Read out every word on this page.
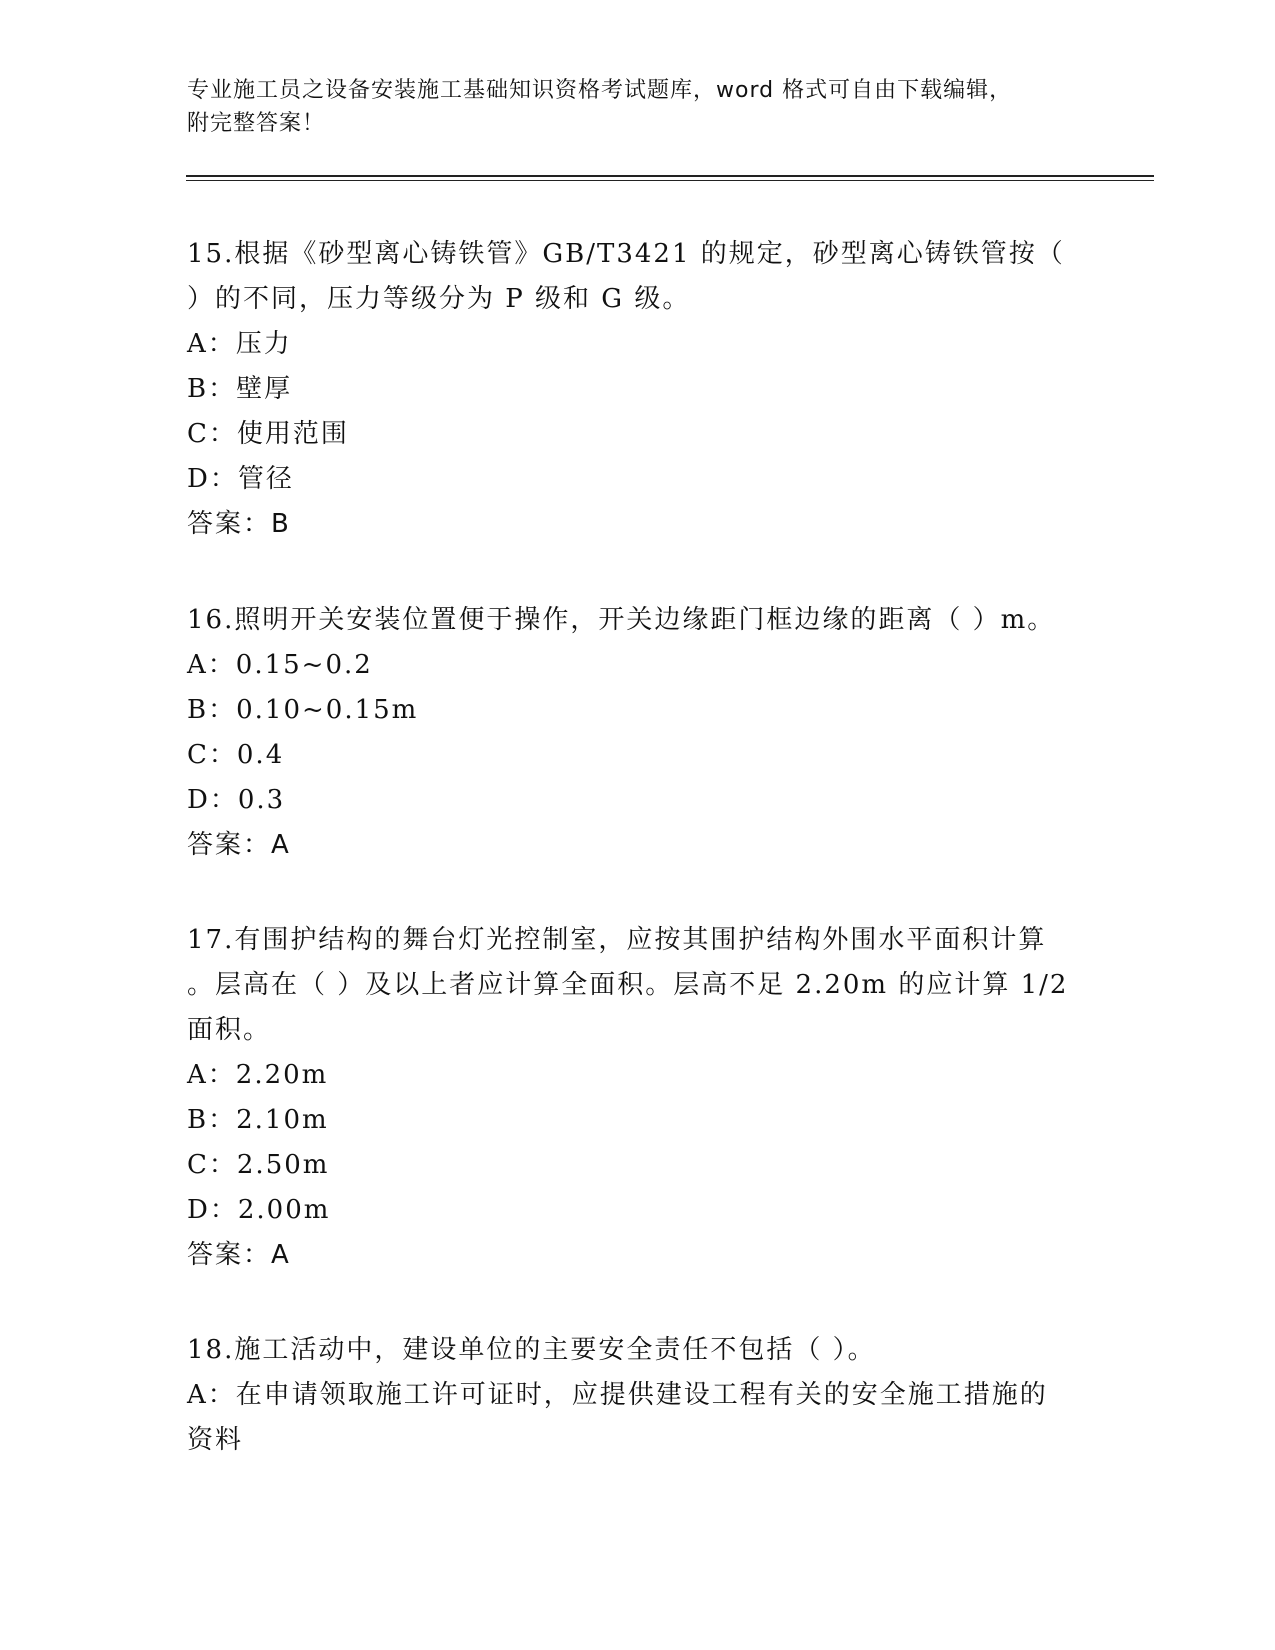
专业施工员之设备安装施工基础知识资格考试题库，word 格式可自由下载编辑，
附完整答案！
15.根据《砂型离心铸铁管》GB/T3421 的规定，砂型离心铸铁管按（
）的不同，压力等级分为 P 级和 G 级。
A：压力
B：壁厚
C：使用范围
D：管径
答案：B
16.照明开关安装位置便于操作，开关边缘距门框边缘的距离（ ）m。
A：0.15~0.2
B：0.10~0.15m
C：0.4
D：0.3
答案：A
17.有围护结构的舞台灯光控制室，应按其围护结构外围水平面积计算
。层高在（ ）及以上者应计算全面积。层高不足 2.20m 的应计算 1/2
面积。
A：2.20m
B：2.10m
C：2.50m
D：2.00m
答案：A
18.施工活动中，建设单位的主要安全责任不包括（ ）。
A：在申请领取施工许可证时，应提供建设工程有关的安全施工措施的
资料
